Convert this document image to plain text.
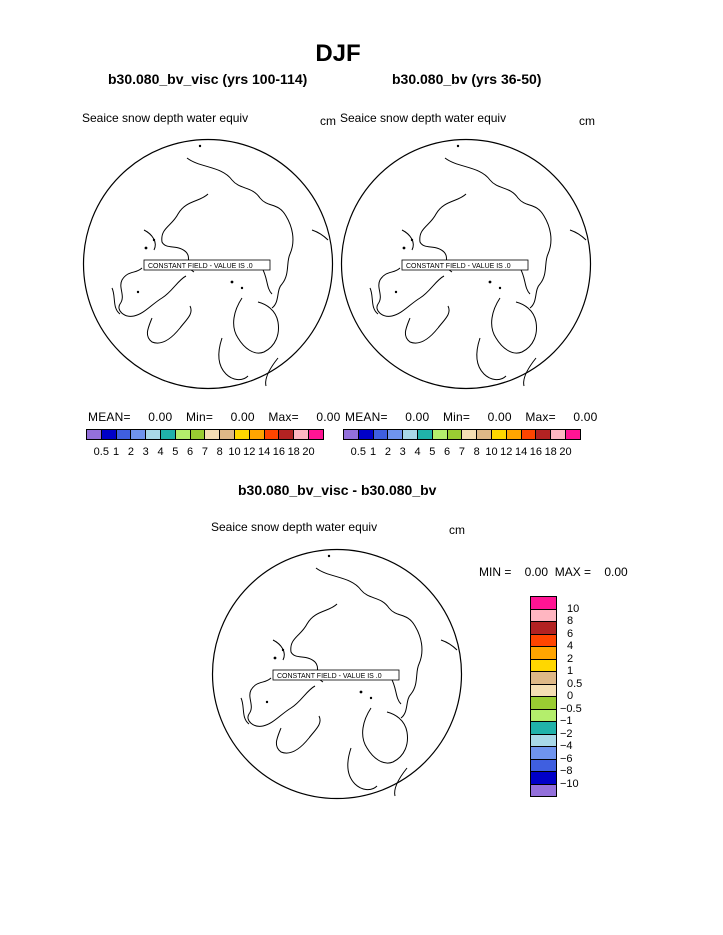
DJF
b30.080_bv_visc (yrs 100-114)	b30.080_bv (yrs 36-50)
Seaice snow depth water equiv	cm Seaice snow depth water equiv	cm
CONSTANT FIELD - VALUE IS .0	CONSTANT FIELD - VALUE IS .0
MEAN= 0.00 Min= 0.00 Max= 0.00 MEAN= 0.00 Min= 0.00 Max= 0.00
0.5 1 2 3 4 5 6 7 8 10 12 14 16 18 20	0.5 1 2 3 4 5 6 7 8 10 12 14 16 18 20
b30.080_bv_visc - b30.080_bv
Seaice snow depth water equiv	cm
MIN =    0.00  MAX =    0.00
CONSTANT FIELD - VALUE IS .0
10
8
6
4
2
1
0.5
0
−0.5
−1
−2
−4
−6
−8
−10
